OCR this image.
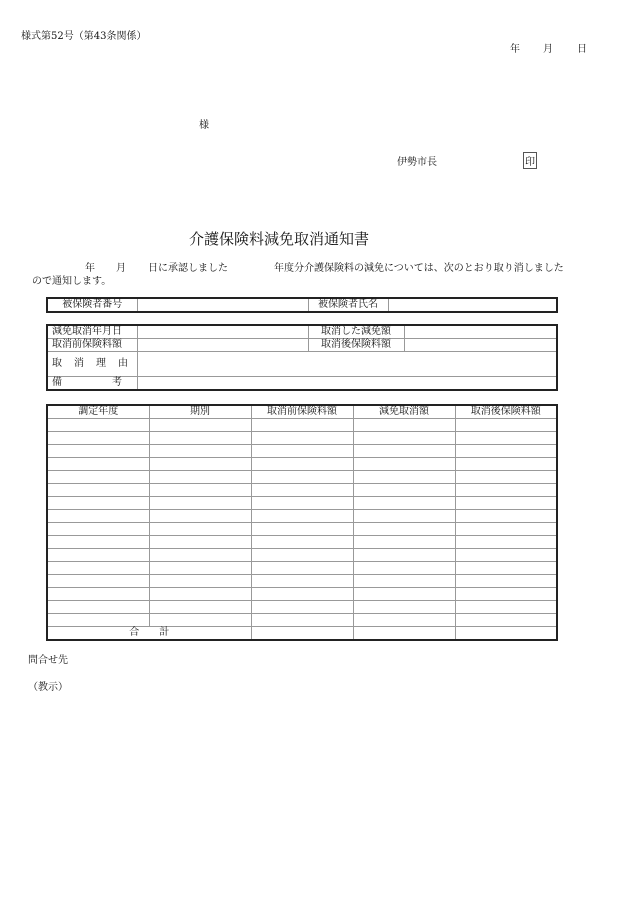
様式第52号（第43条関係）
年 月 日
様
伊勢市長	印
介護保険料減免取消通知書
年 月 日に承認しました	年度分介護保険料の減免については、次のとおり取り消しました
ので通知します。
被保険者番号		被保険者氏名	
減免取消年月日		取消した減免額	
取消前保険料額		取消後保険料額	
取消理由			
備考			
調定年度	期別	取消前保険料額	減免取消額	取消後保険料額

合　　計				
問合せ先
（教示）
